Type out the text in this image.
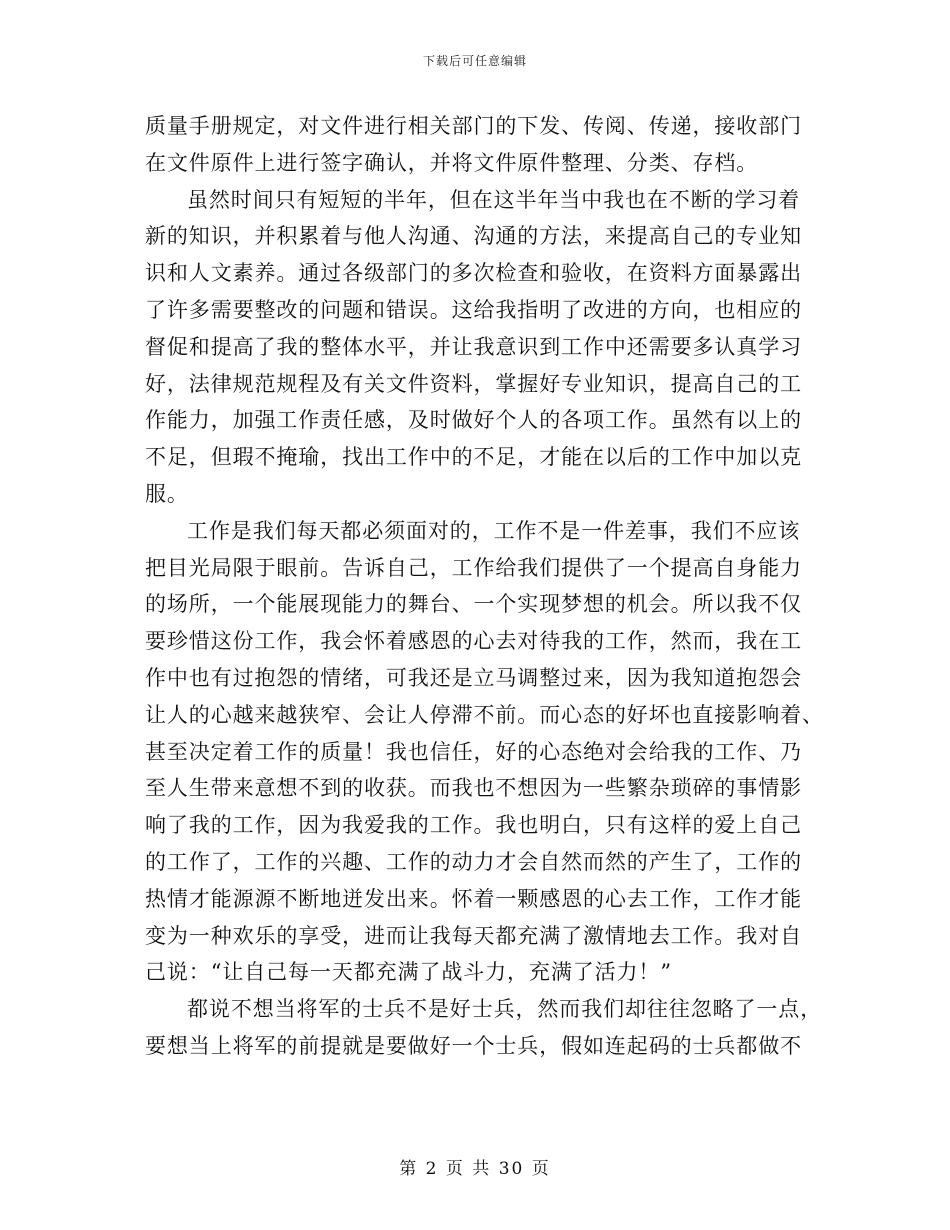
下载后可任意编辑
质量手册规定，对文件进行相关部门的下发、传阅、传递，接收部门
在文件原件上进行签字确认，并将文件原件整理、分类、存档。
虽然时间只有短短的半年，但在这半年当中我也在不断的学习着
新的知识，并积累着与他人沟通、沟通的方法，来提高自己的专业知
识和人文素养。通过各级部门的多次检查和验收，在资料方面暴露出
了许多需要整改的问题和错误。这给我指明了改进的方向，也相应的
督促和提高了我的整体水平，并让我意识到工作中还需要多认真学习
好，法律规范规程及有关文件资料，掌握好专业知识，提高自己的工
作能力，加强工作责任感，及时做好个人的各项工作。虽然有以上的
不足，但瑕不掩瑜，找出工作中的不足，才能在以后的工作中加以克
服。
工作是我们每天都必须面对的，工作不是一件差事，我们不应该
把目光局限于眼前。告诉自己，工作给我们提供了一个提高自身能力
的场所，一个能展现能力的舞台、一个实现梦想的机会。所以我不仅
要珍惜这份工作，我会怀着感恩的心去对待我的工作，然而，我在工
作中也有过抱怨的情绪，可我还是立马调整过来，因为我知道抱怨会
让人的心越来越狭窄、会让人停滞不前。而心态的好坏也直接影响着、
甚至决定着工作的质量！我也信任，好的心态绝对会给我的工作、乃
至人生带来意想不到的收获。而我也不想因为一些繁杂琐碎的事情影
响了我的工作，因为我爱我的工作。我也明白，只有这样的爱上自己
的工作了，工作的兴趣、工作的动力才会自然而然的产生了，工作的
热情才能源源不断地迸发出来。怀着一颗感恩的心去工作，工作才能
变为一种欢乐的享受，进而让我每天都充满了激情地去工作。我对自
己说：“让自己每一天都充满了战斗力，充满了活力！”
都说不想当将军的士兵不是好士兵，然而我们却往往忽略了一点，
要想当上将军的前提就是要做好一个士兵，假如连起码的士兵都做不
第 2 页 共 30 页
